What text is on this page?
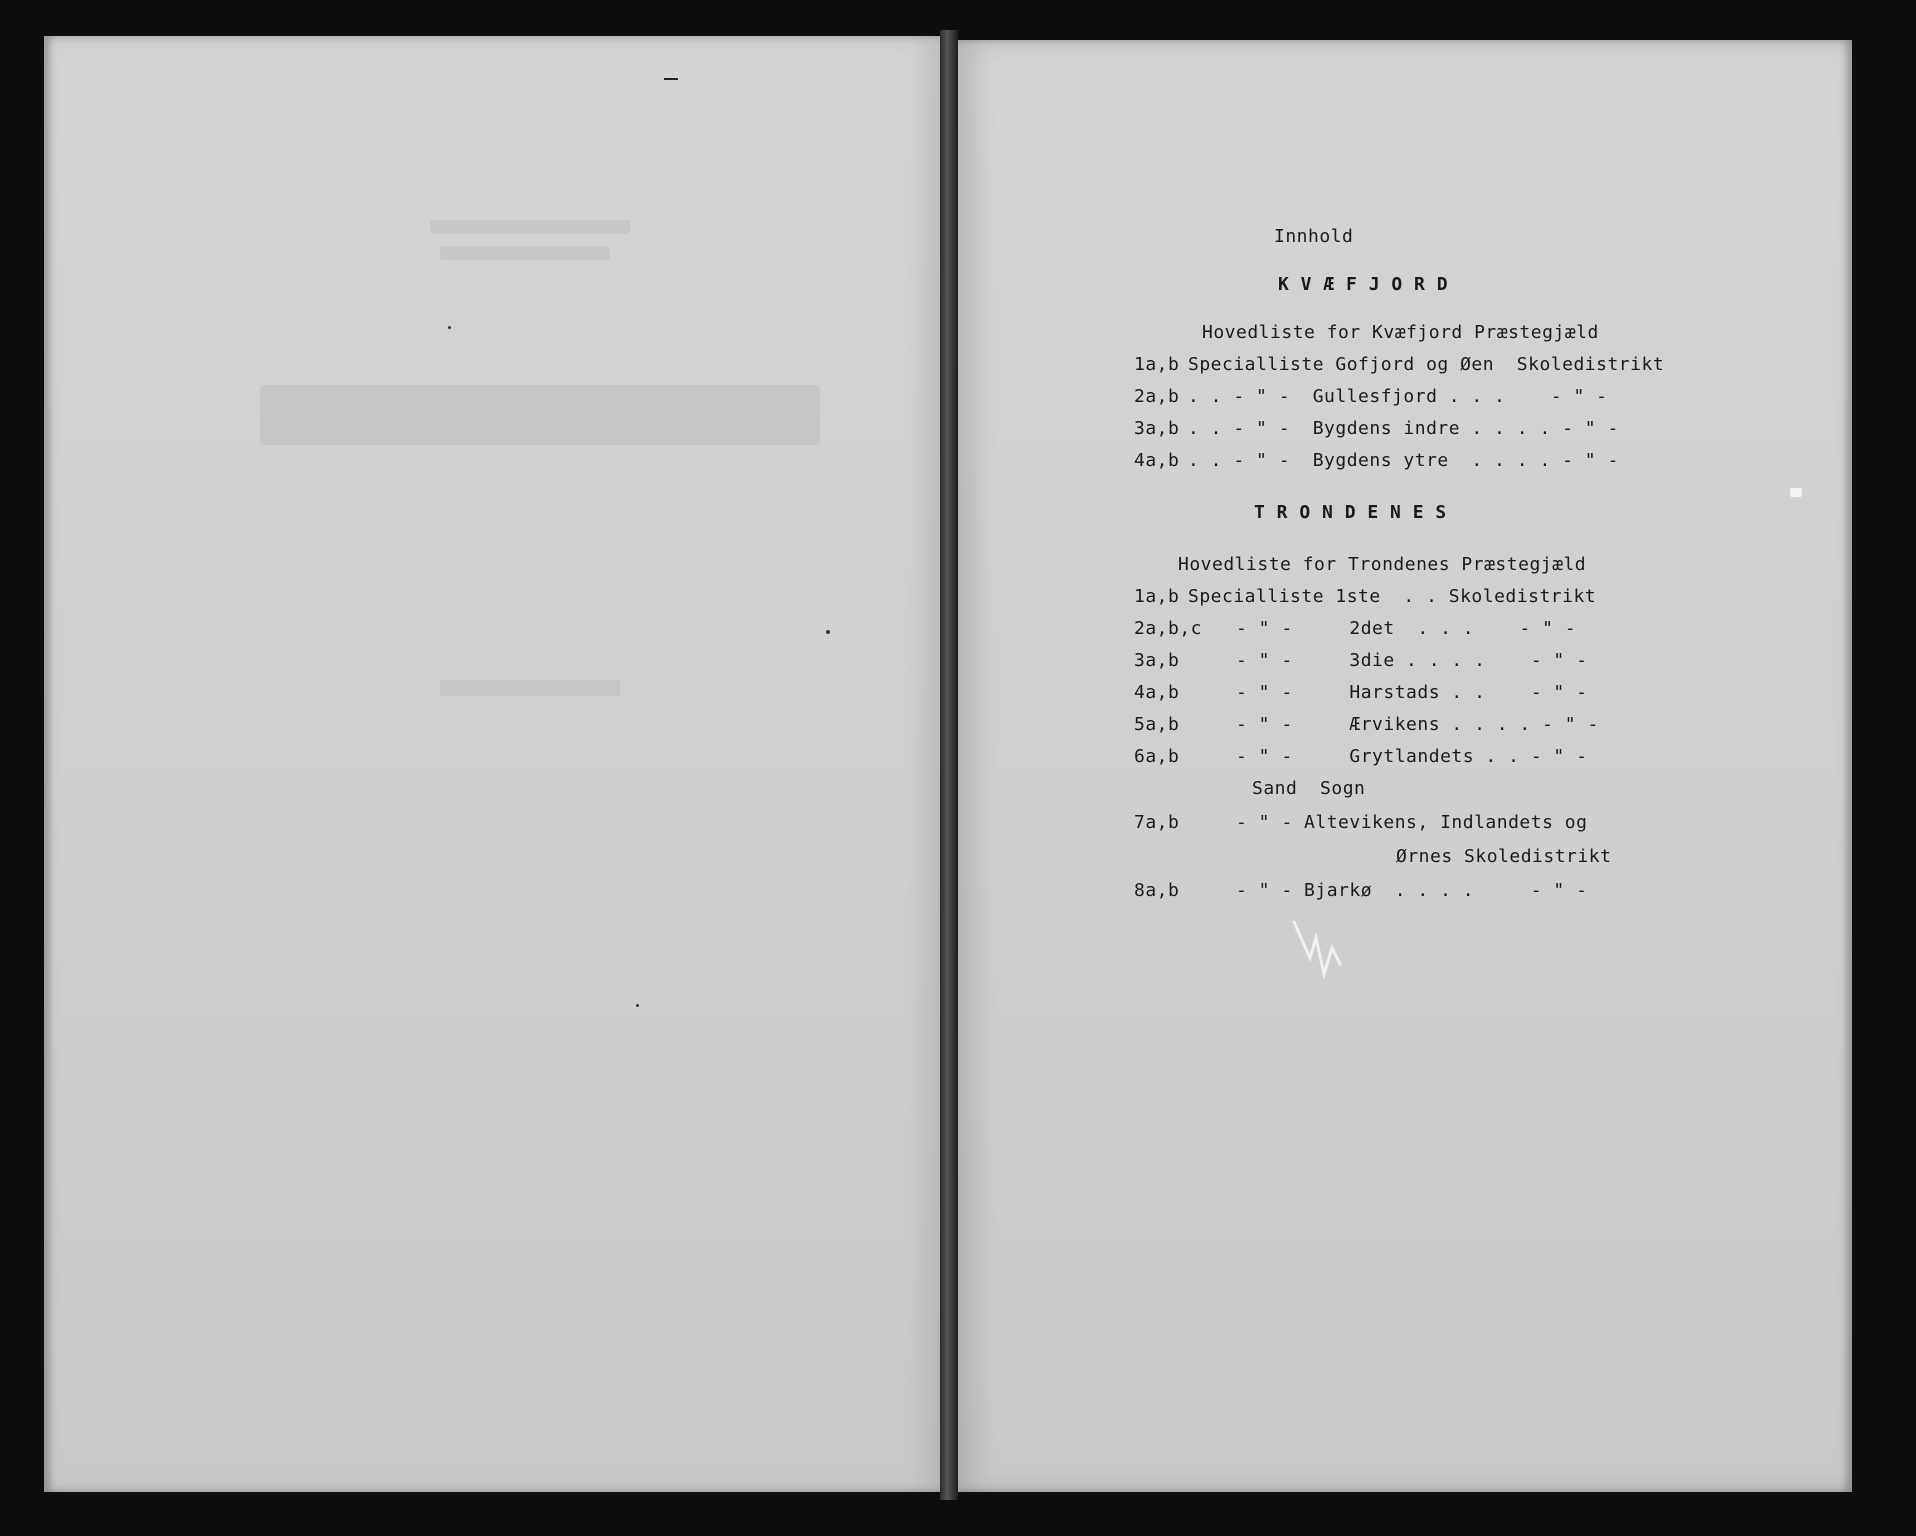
Innhold
K V Æ F J O R D
Hovedliste for Kvæfjord Præstegjæld
1a,b Specialliste Gofjord og Øen  Skoledistrikt
2a,b . . - " -  Gullesfjord . . .    - " -
3a,b . . - " -  Bygdens indre . . . . - " -
4a,b . . - " -  Bygdens ytre  . . . . - " -
T R O N D E N E S
Hovedliste for Trondenes Præstegjæld
1a,b Specialliste 1ste  . . Skoledistrikt
2a,b,c - " -     2det  . . .    - " -
3a,b	- " -     3die . . . .    - " -
4a,b	- " -     Harstads . .    - " -
5a,b	- " -     Ærvikens . . . . - " -
6a,b	- " -     Grytlandets . . - " -
Sand  Sogn
7a,b	- " - Altevikens, Indlandets og
Ørnes Skoledistrikt
8a,b	- " - Bjarkø  . . . .     - " -
